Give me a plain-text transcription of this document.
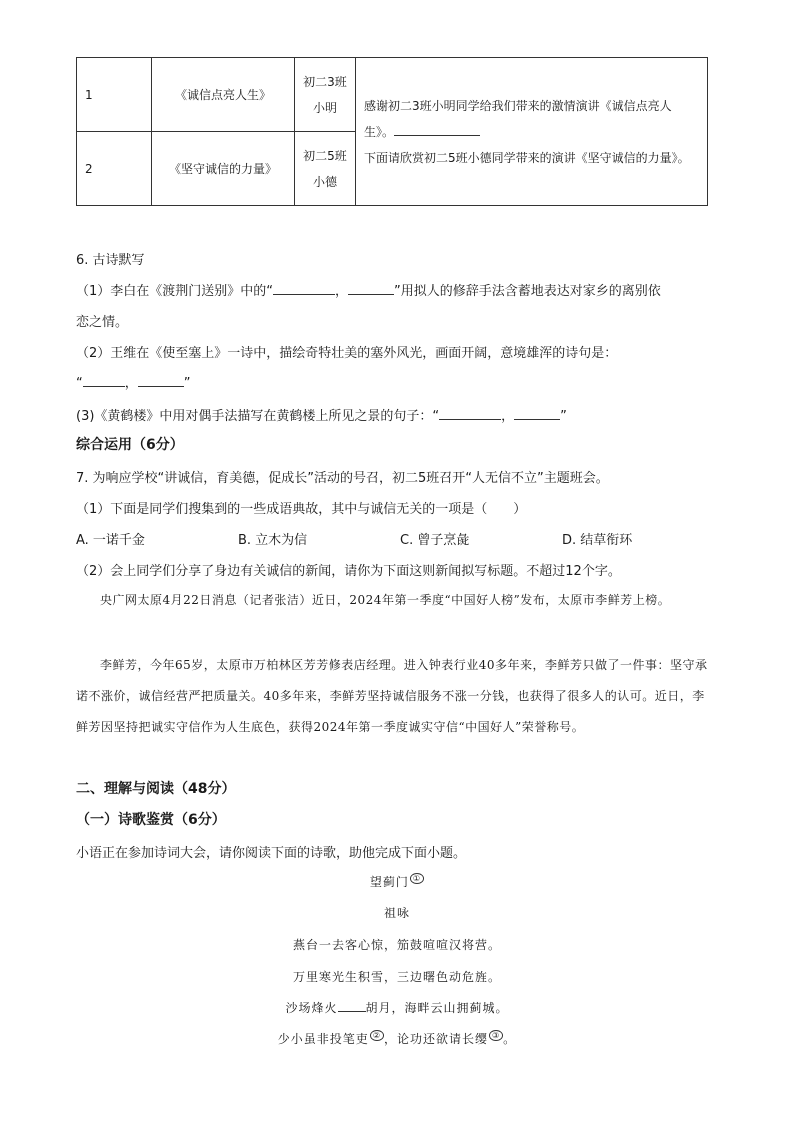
1	《诚信点亮人生》	初二3班小明	感谢初二3班小明同学给我们带来的激情演讲《诚信点亮人生》。
下面请欣赏初二5班小德同学带来的演讲《坚守诚信的力量》。

2	《坚守诚信的力量》	初二5班小德	
6. 古诗默写
（1）李白在《渡荆门送别》中的“	，	”用拟人的修辞手法含蓄地表达对家乡的离别依
恋之情。
（2）王维在《使至塞上》一诗中，描绘奇特壮美的塞外风光，画面开阔，意境雄浑的诗句是：
“	，	”
(3)《黄鹤楼》中用对偶手法描写在黄鹤楼上所见之景的句子：“	，	”
综合运用（6分）
7. 为响应学校“讲诚信，育美德，促成长”活动的号召，初二5班召开“人无信不立”主题班会。
（1）下面是同学们搜集到的一些成语典故，其中与诚信无关的一项是（　　）
A. 一诺千金	B. 立木为信	C. 曾子烹彘	D. 结草衔环
（2）会上同学们分享了身边有关诚信的新闻，请你为下面这则新闻拟写标题。不超过12个字。
央广网太原4月22日消息（记者张洁）近日，2024年第一季度“中国好人榜”发布，太原市李鲜芳上榜。
李鲜芳，今年65岁，太原市万柏林区芳芳修表店经理。进入钟表行业40多年来，李鲜芳只做了一件事：坚守承诺不涨价，诚信经营严把质量关。40多年来，李鲜芳坚持诚信服务不涨一分钱，也获得了很多人的认可。近日，李鲜芳因坚持把诚实守信作为人生底色，获得2024年第一季度诚实守信“中国好人”荣誉称号。
二、理解与阅读（48分）
（一）诗歌鉴赏（6分）
小语正在参加诗词大会，请你阅读下面的诗歌，助他完成下面小题。
望蓟门 ①
祖咏
燕台一去客心惊，笳鼓喧喧汉将营。
万里寒光生积雪，三边曙色动危旌。
沙场烽火 胡月，海畔云山拥蓟城。
少小虽非投笔吏 ② ，论功还欲请长缨 ③ 。
